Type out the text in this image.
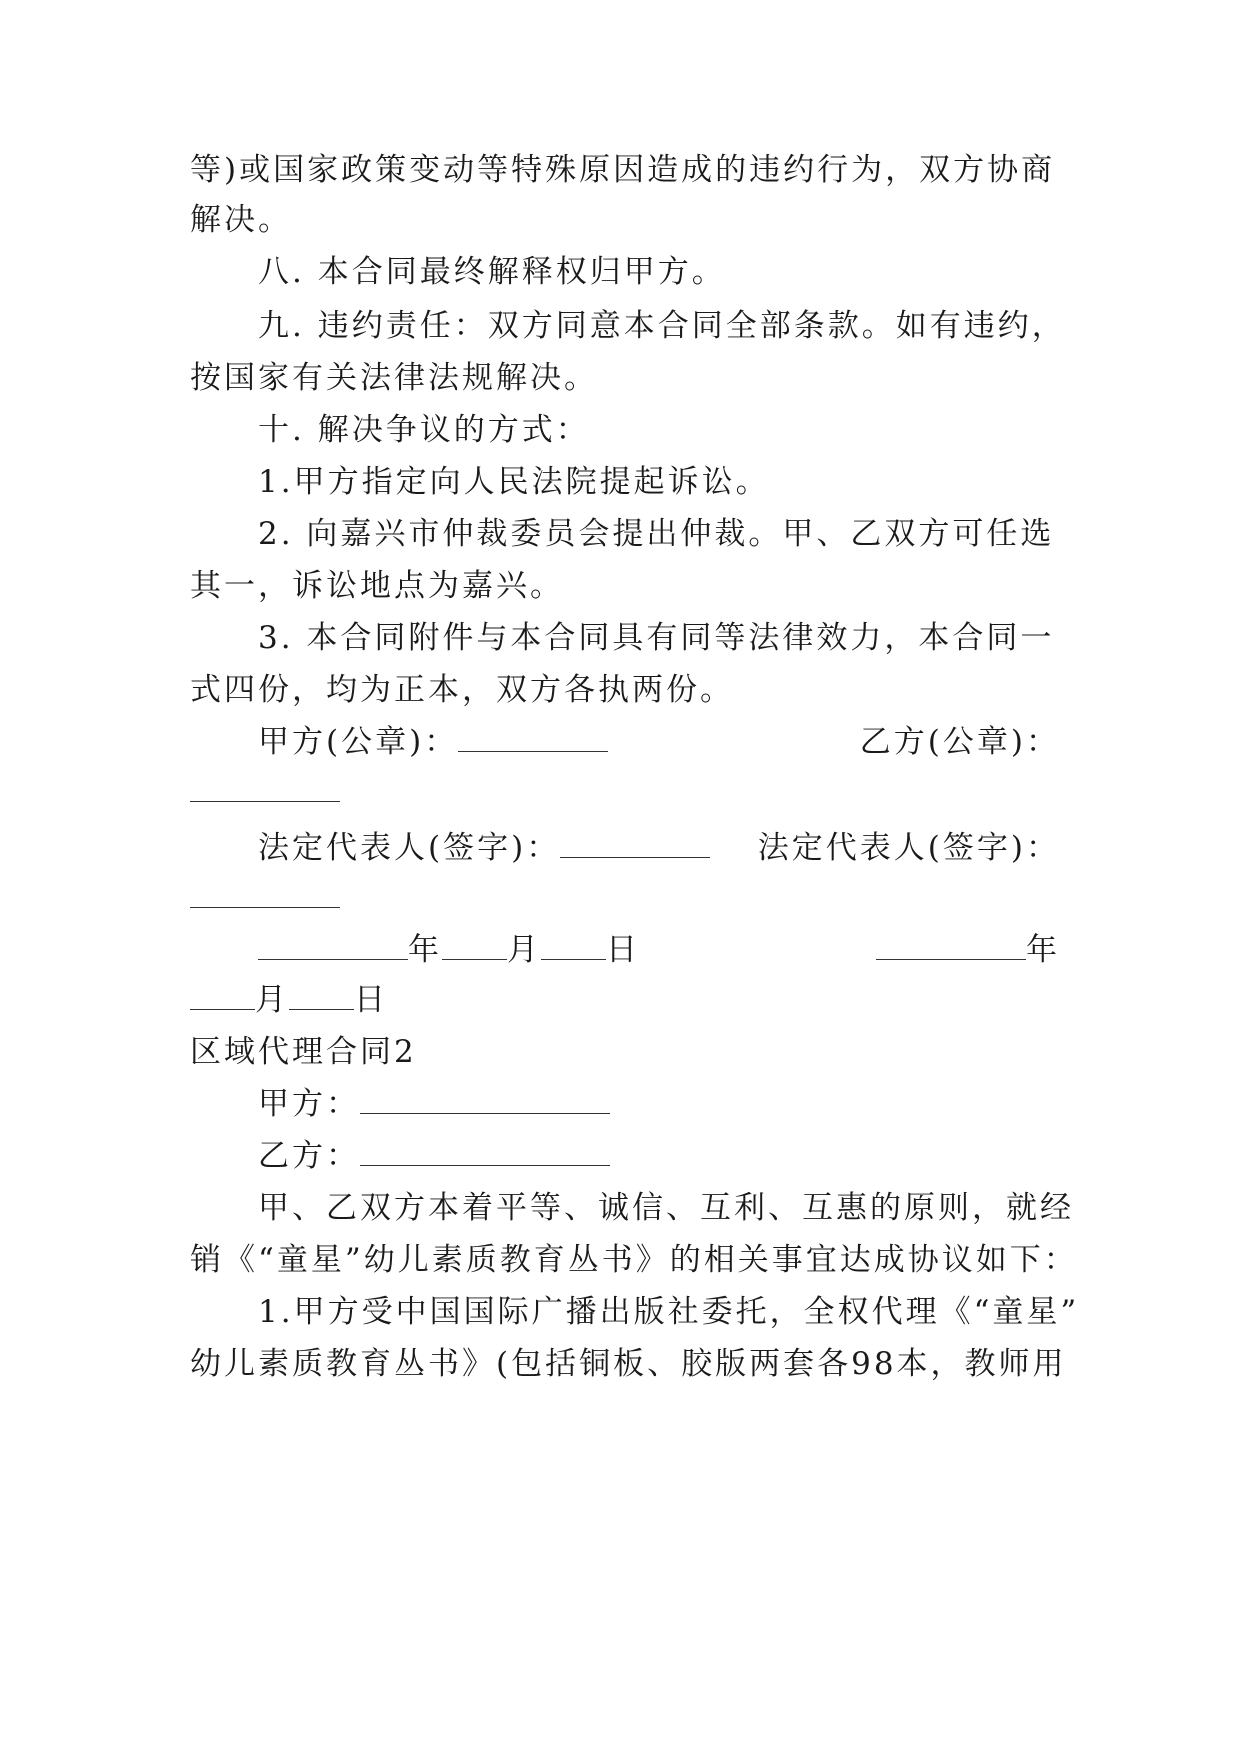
等)或国家政策变动等特殊原因造成的违约行为，双方协商
解决。
八. 本合同最终解释权归甲方。
九. 违约责任：双方同意本合同全部条款。如有违约，
按国家有关法律法规解决。
十. 解决争议的方式：
1.甲方指定向人民法院提起诉讼。
2. 向嘉兴市仲裁委员会提出仲裁。甲、乙双方可任选
其一，诉讼地点为嘉兴。
3. 本合同附件与本合同具有同等法律效力，本合同一
式四份，均为正本，双方各执两份。
甲方(公章)：	乙方(公章)：
法定代表人(签字)：	法定代表人(签字)：
年 月 日	年
月 日
区域代理合同2
甲方：
乙方：
甲、乙双方本着平等、诚信、互利、互惠的原则，就经
销《“童星”幼儿素质教育丛书》的相关事宜达成协议如下：
1.甲方受中国国际广播出版社委托，全权代理《“童星”
幼儿素质教育丛书》(包括铜板、胶版两套各98本，教师用
